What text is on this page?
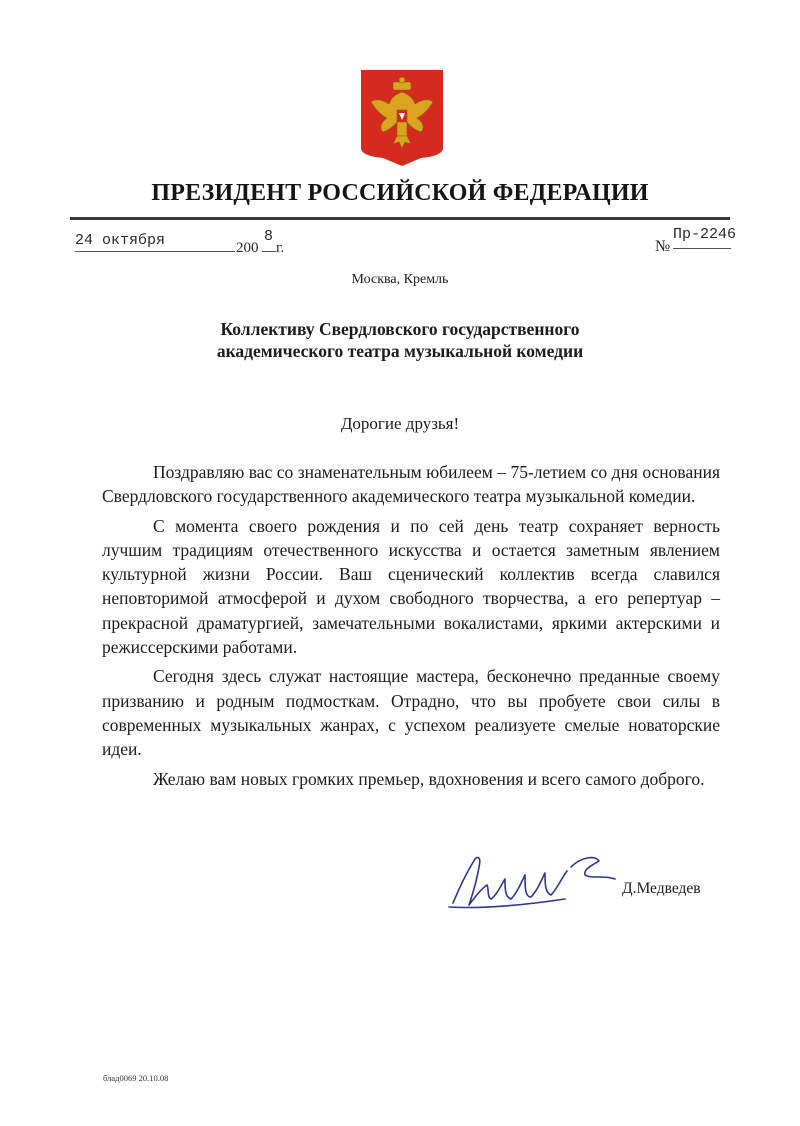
ПРЕЗИДЕНТ РОССИЙСКОЙ ФЕДЕРАЦИИ
24 октября	200
8
г.	№
Пр-2246
Москва, Кремль
Коллективу Свердловского государственного
академического театра музыкальной комедии
Дорогие друзья!

Поздравляю вас со знаменательным юбилеем – 75-летием со дня основания Свердловского государственного академического театра музыкальной комедии.

С момента своего рождения и по сей день театр сохраняет верность лучшим традициям отечественного искусства и остается заметным явлением культурной жизни России. Ваш сценический коллектив всегда славился неповторимой атмосферой и духом свободного творчества, а его репертуар – прекрасной драматургией, замечательными вокалистами, яркими актерскими и режиссерскими работами.

Сегодня здесь служат настоящие мастера, бесконечно преданные своему призванию и родным подмосткам. Отрадно, что вы пробуете свои силы в современных музыкальных жанрах, с успехом реализуете смелые новаторские идеи.

Желаю вам новых громких премьер, вдохновения и всего самого доброго.

Д.Медведев
блад0069 20.10.08
